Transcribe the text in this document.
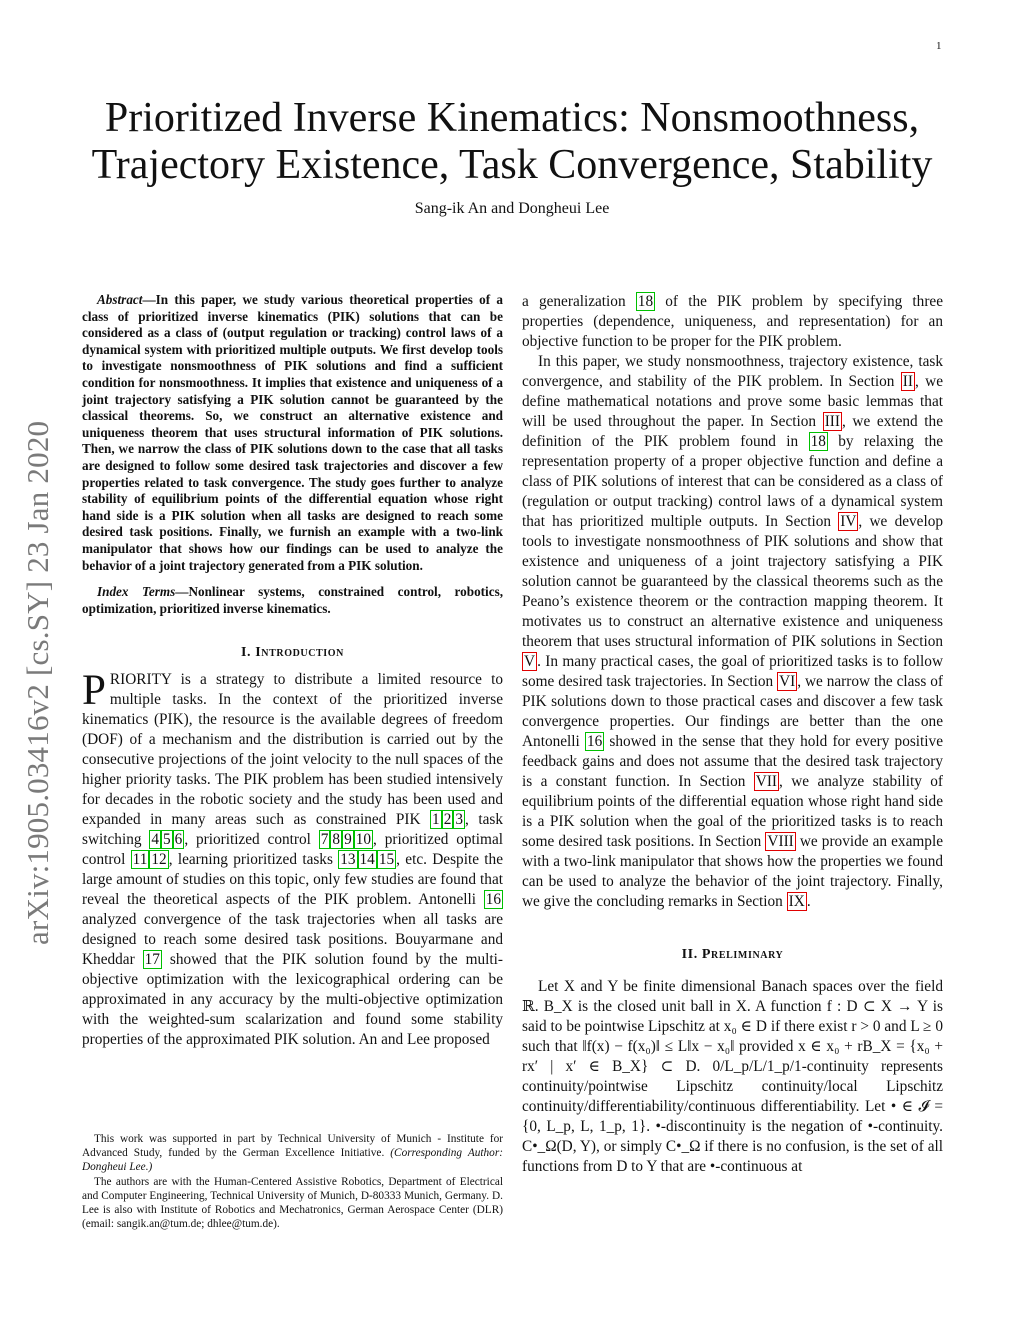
1
arXiv:1905.03416v2 [cs.SY] 23 Jan 2020
Prioritized Inverse Kinematics: Nonsmoothness,
Trajectory Existence, Task Convergence, Stability
Sang-ik An and Dongheui Lee

Abstract—In this paper, we study various theoretical properties of a class of prioritized inverse kinematics (PIK) solutions that can be considered as a class of (output regulation or tracking) control laws of a dynamical system with prioritized multiple outputs. We first develop tools to investigate nonsmoothness of PIK solutions and find a sufficient condition for nonsmoothness. It implies that existence and uniqueness of a joint trajectory satisfying a PIK solution cannot be guaranteed by the classical theorems. So, we construct an alternative existence and uniqueness theorem that uses structural information of PIK solutions. Then, we narrow the class of PIK solutions down to the case that all tasks are designed to follow some desired task trajectories and discover a few properties related to task convergence. The study goes further to analyze stability of equilibrium points of the differential equation whose right hand side is a PIK solution when all tasks are designed to reach some desired task positions. Finally, we furnish an example with a two-link manipulator that shows how our findings can be used to analyze the behavior of a joint trajectory generated from a PIK solution.

Index Terms—Nonlinear systems, constrained control, robotics, optimization, prioritized inverse kinematics.

I. Introduction

PRIORITY is a strategy to distribute a limited resource to multiple tasks. In the context of the prioritized inverse kinematics (PIK), the resource is the available degrees of freedom (DOF) of a mechanism and the distribution is carried out by the consecutive projections of the joint velocity to the null spaces of the higher priority tasks. The PIK problem has been studied intensively for decades in the robotic society and the study has been used and expanded in many areas such as constrained PIK 1 2 3 , task switching 4 5 6 , prioritized control 7 8 9 10 , prioritized optimal control 11 12 , learning prioritized tasks 13 14 15 , etc. Despite the large amount of studies on this topic, only few studies are found that reveal the theoretical aspects of the PIK problem. Antonelli 16 analyzed convergence of the task trajectories when all tasks are designed to reach some desired task positions. Bouyarmane and Kheddar 17 showed that the PIK solution found by the multi-objective optimization with the lexicographical ordering can be approximated in any accuracy by the multi-objective optimization with the weighted-sum scalarization and found some stability properties of the approximated PIK solution. An and Lee proposed

This work was supported in part by Technical University of Munich - Institute for Advanced Study, funded by the German Excellence Initiative. (Corresponding Author: Dongheui Lee.)

The authors are with the Human-Centered Assistive Robotics, Department of Electrical and Computer Engineering, Technical University of Munich, D-80333 Munich, Germany. D. Lee is also with Institute of Robotics and Mechatronics, German Aerospace Center (DLR) (email: sangik.an@tum.de; dhlee@tum.de).

a generalization 18 of the PIK problem by specifying three properties (dependence, uniqueness, and representation) for an objective function to be proper for the PIK problem.

In this paper, we study nonsmoothness, trajectory existence, task convergence, and stability of the PIK problem. In Section II , we define mathematical notations and prove some basic lemmas that will be used throughout the paper. In Section III , we extend the definition of the PIK problem found in 18 by relaxing the representation property of a proper objective function and define a class of PIK solutions of interest that can be considered as a class of (regulation or output tracking) control laws of a dynamical system that has prioritized multiple outputs. In Section IV , we develop tools to investigate nonsmoothness of PIK solutions and show that existence and uniqueness of a joint trajectory satisfying a PIK solution cannot be guaranteed by the classical theorems such as the Peano’s existence theorem or the contraction mapping theorem. It motivates us to construct an alternative existence and uniqueness theorem that uses structural information of PIK solutions in Section V . In many practical cases, the goal of prioritized tasks is to follow some desired task trajectories. In Section VI , we narrow the class of PIK solutions down to those practical cases and discover a few task convergence properties. Our findings are better than the one Antonelli 16 showed in the sense that they hold for every positive feedback gains and does not assume that the desired task trajectory is a constant function. In Section VII , we analyze stability of equilibrium points of the differential equation whose right hand side is a PIK solution when the goal of the prioritized tasks is to reach some desired task positions. In Section VIII we provide an example with a two-link manipulator that shows how the properties we found can be used to analyze the behavior of the joint trajectory. Finally, we give the concluding remarks in Section IX .

II. Preliminary

Let X and Y be finite dimensional Banach spaces over the field ℝ. B_X is the closed unit ball in X. A function f : D ⊂ X → Y is said to be pointwise Lipschitz at x₀ ∈ D if there exist r > 0 and L ≥ 0 such that ‖f(x) − f(x₀)‖ ≤ L‖x − x₀‖ provided x ∈ x₀ + rB_X = {x₀ + rx′ | x′ ∈ B_X} ⊂ D. 0/L_p/L/1_p/1-continuity represents continuity/pointwise Lipschitz continuity/local Lipschitz continuity/differentiability/continuous differentiability. Let • ∈ 𝓘 = {0, L_p, L, 1_p, 1}. •-discontinuity is the negation of •-continuity. C•_Ω(D, Y), or simply C•_Ω if there is no confusion, is the set of all functions from D to Y that are •-continuous at
